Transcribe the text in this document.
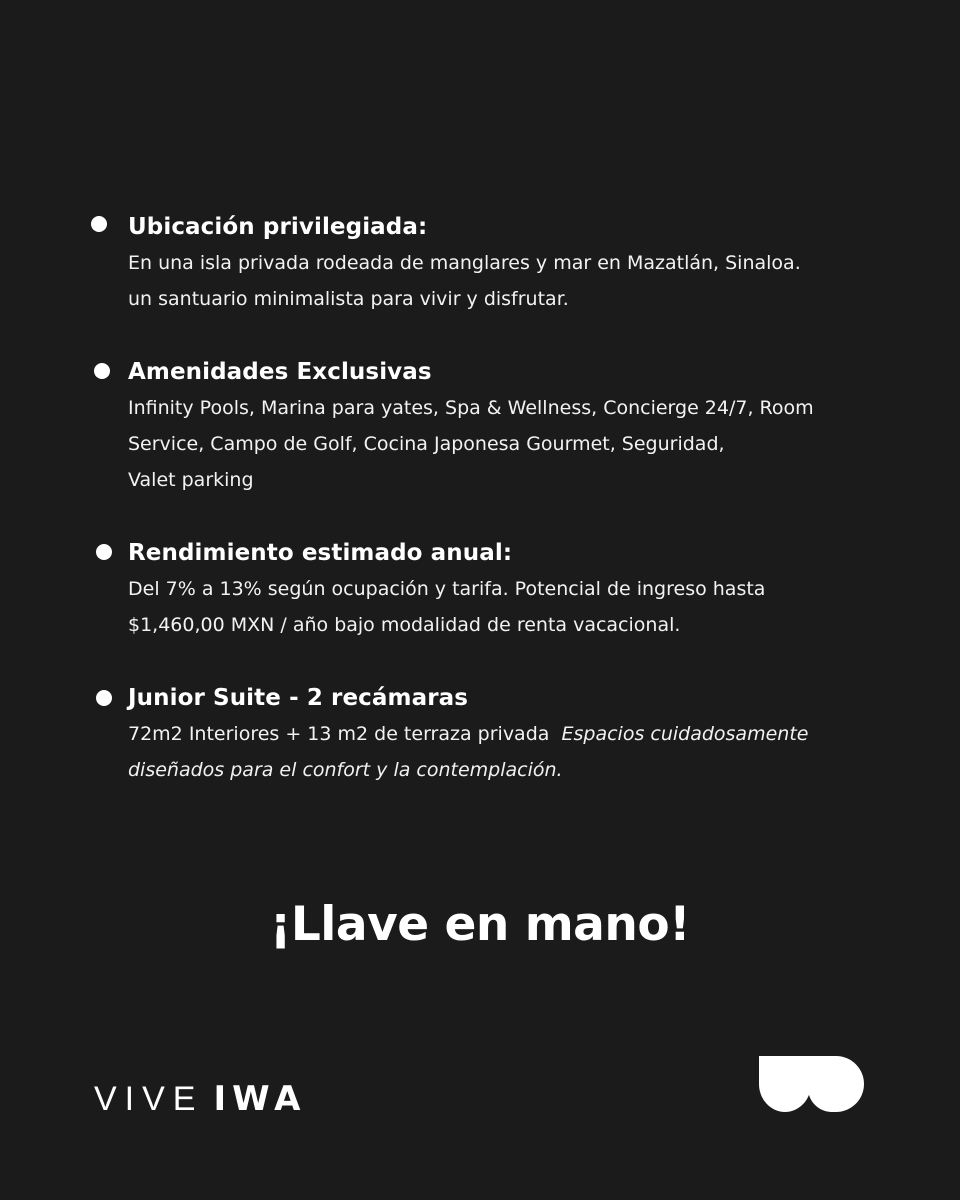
Ubicación privilegiada:

En una isla privada rodeada de manglares y mar en Mazatlán, Sinaloa.

un santuario minimalista para vivir y disfrutar.

Amenidades Exclusivas

Infinity Pools, Marina para yates, Spa & Wellness, Concierge 24/7, Room

Service, Campo de Golf, Cocina Japonesa Gourmet, Seguridad,

Valet parking

Rendimiento estimado anual:

Del 7% a 13% según ocupación y tarifa. Potencial de ingreso hasta

$1,460,00 MXN / año bajo modalidad de renta vacacional.

Junior Suite - 2 recámaras

72m2 Interiores + 13 m2 de terraza privada  Espacios cuidadosamente

diseñados para el confort y la contemplación.

¡Llave en mano!
VIVE IWA
